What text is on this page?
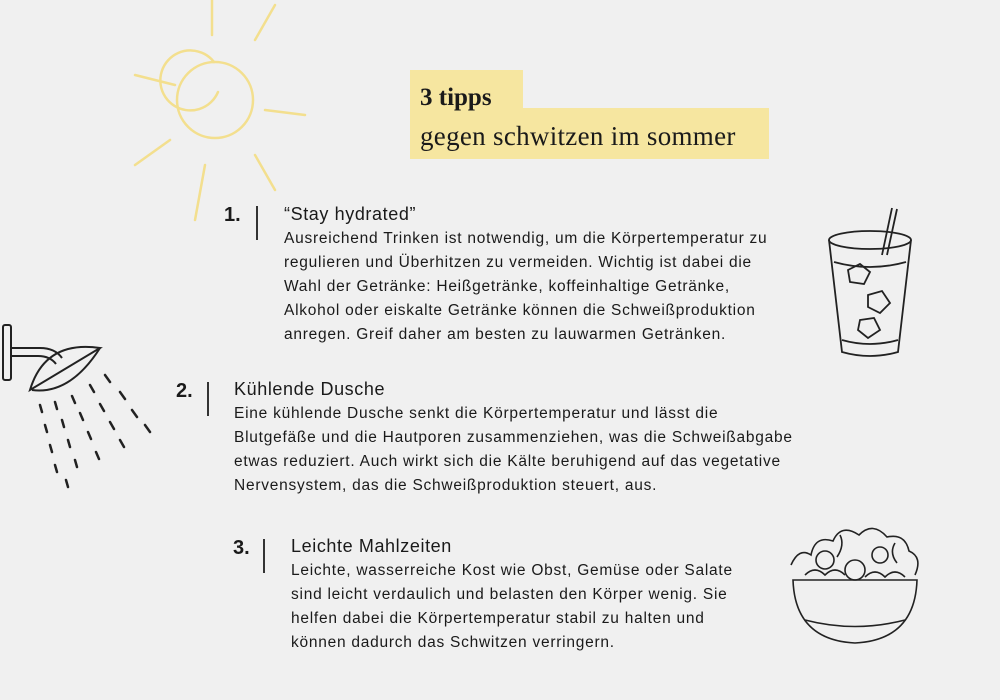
3 tipps
gegen schwitzen im sommer
1. “Stay hydrated”
Ausreichend Trinken ist notwendig, um die Körpertemperatur zu
regulieren und Überhitzen zu vermeiden. Wichtig ist dabei die
Wahl der Getränke: Heißgetränke, koffeinhaltige Getränke,
Alkohol oder eiskalte Getränke können die Schweißproduktion
anregen. Greif daher am besten zu lauwarmen Getränken.
2. Kühlende Dusche
Eine kühlende Dusche senkt die Körpertemperatur und lässt die
Blutgefäße und die Hautporen zusammenziehen, was die Schweißabgabe
etwas reduziert. Auch wirkt sich die Kälte beruhigend auf das vegetative
Nervensystem, das die Schweißproduktion steuert, aus.
3. Leichte Mahlzeiten
Leichte, wasserreiche Kost wie Obst, Gemüse oder Salate
sind leicht verdaulich und belasten den Körper wenig. Sie
helfen dabei die Körpertemperatur stabil zu halten und
können dadurch das Schwitzen verringern.
